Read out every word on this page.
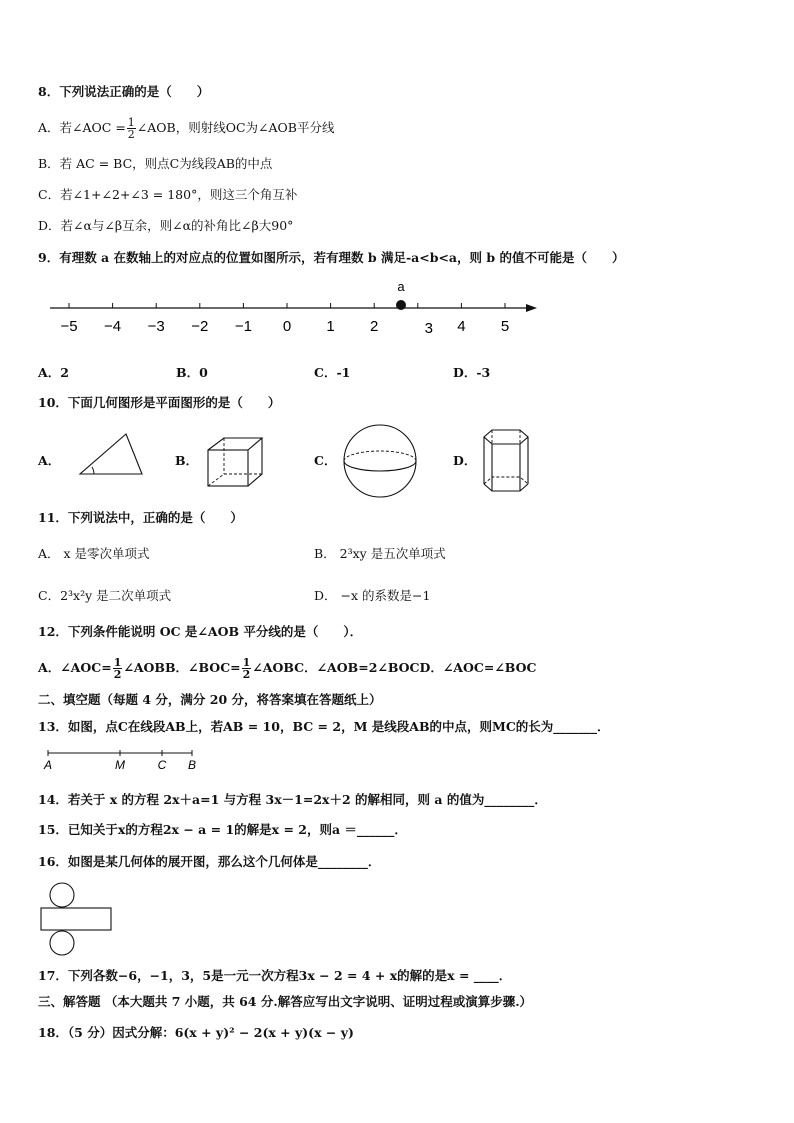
8．下列说法正确的是（　　）
A．若∠AOC = $\frac{1}{2}$ ∠AOB，则射线OC为∠AOB平分线
B．若 AC = BC，则点C为线段AB的中点
C．若∠1+∠2+∠3 = 180°，则这三个角互补
D．若∠α与∠β互余，则∠α的补角比∠β大90°
9．有理数 a 在数轴上的对应点的位置如图所示，若有理数 b 满足-a<b<a，则 b 的值不可能是（　　）
−5 −4 −3 −2 −1 0 1 2	3 4 5
a
A．2	B．0	C．-1	D．-3
10．下面几何图形是平面图形的是（　　）
A．	B．	C．	D．
11．下列说法中，正确的是（　　）
A． x 是零次单项式	B． 2³xy 是五次单项式
C．2³x²y 是二次单项式	D． −x 的系数是−1
12．下列条件能说明 OC 是∠AOB 平分线的是（　　）．
A．∠AOC= $\frac{1}{2}$ ∠AOBB．∠BOC= $\frac{1}{2}$ ∠AOBC．∠AOB=2∠BOCD．∠AOC=∠BOC
二、填空题（每题 4 分，满分 20 分，将答案填在答题纸上）
13．如图，点C在线段AB上，若AB = 10，BC = 2，M 是线段AB的中点，则MC的长为_______．
A	M	C B
14．若关于 x 的方程 2x＋a=1 与方程 3x－1=2x＋2 的解相同，则 a 的值为________．
15．已知关于x的方程2x − a = 1的解是x = 2，则a ＝______．
16．如图是某几何体的展开图，那么这个几何体是________．
17．下列各数−6，−1，3，5是一元一次方程3x − 2 = 4 + x的解的是x = ____．
三、解答题 （本大题共 7 小题，共 64 分.解答应写出文字说明、证明过程或演算步骤.）
18．（5 分）因式分解：6(x + y)² − 2(x + y)(x − y)
